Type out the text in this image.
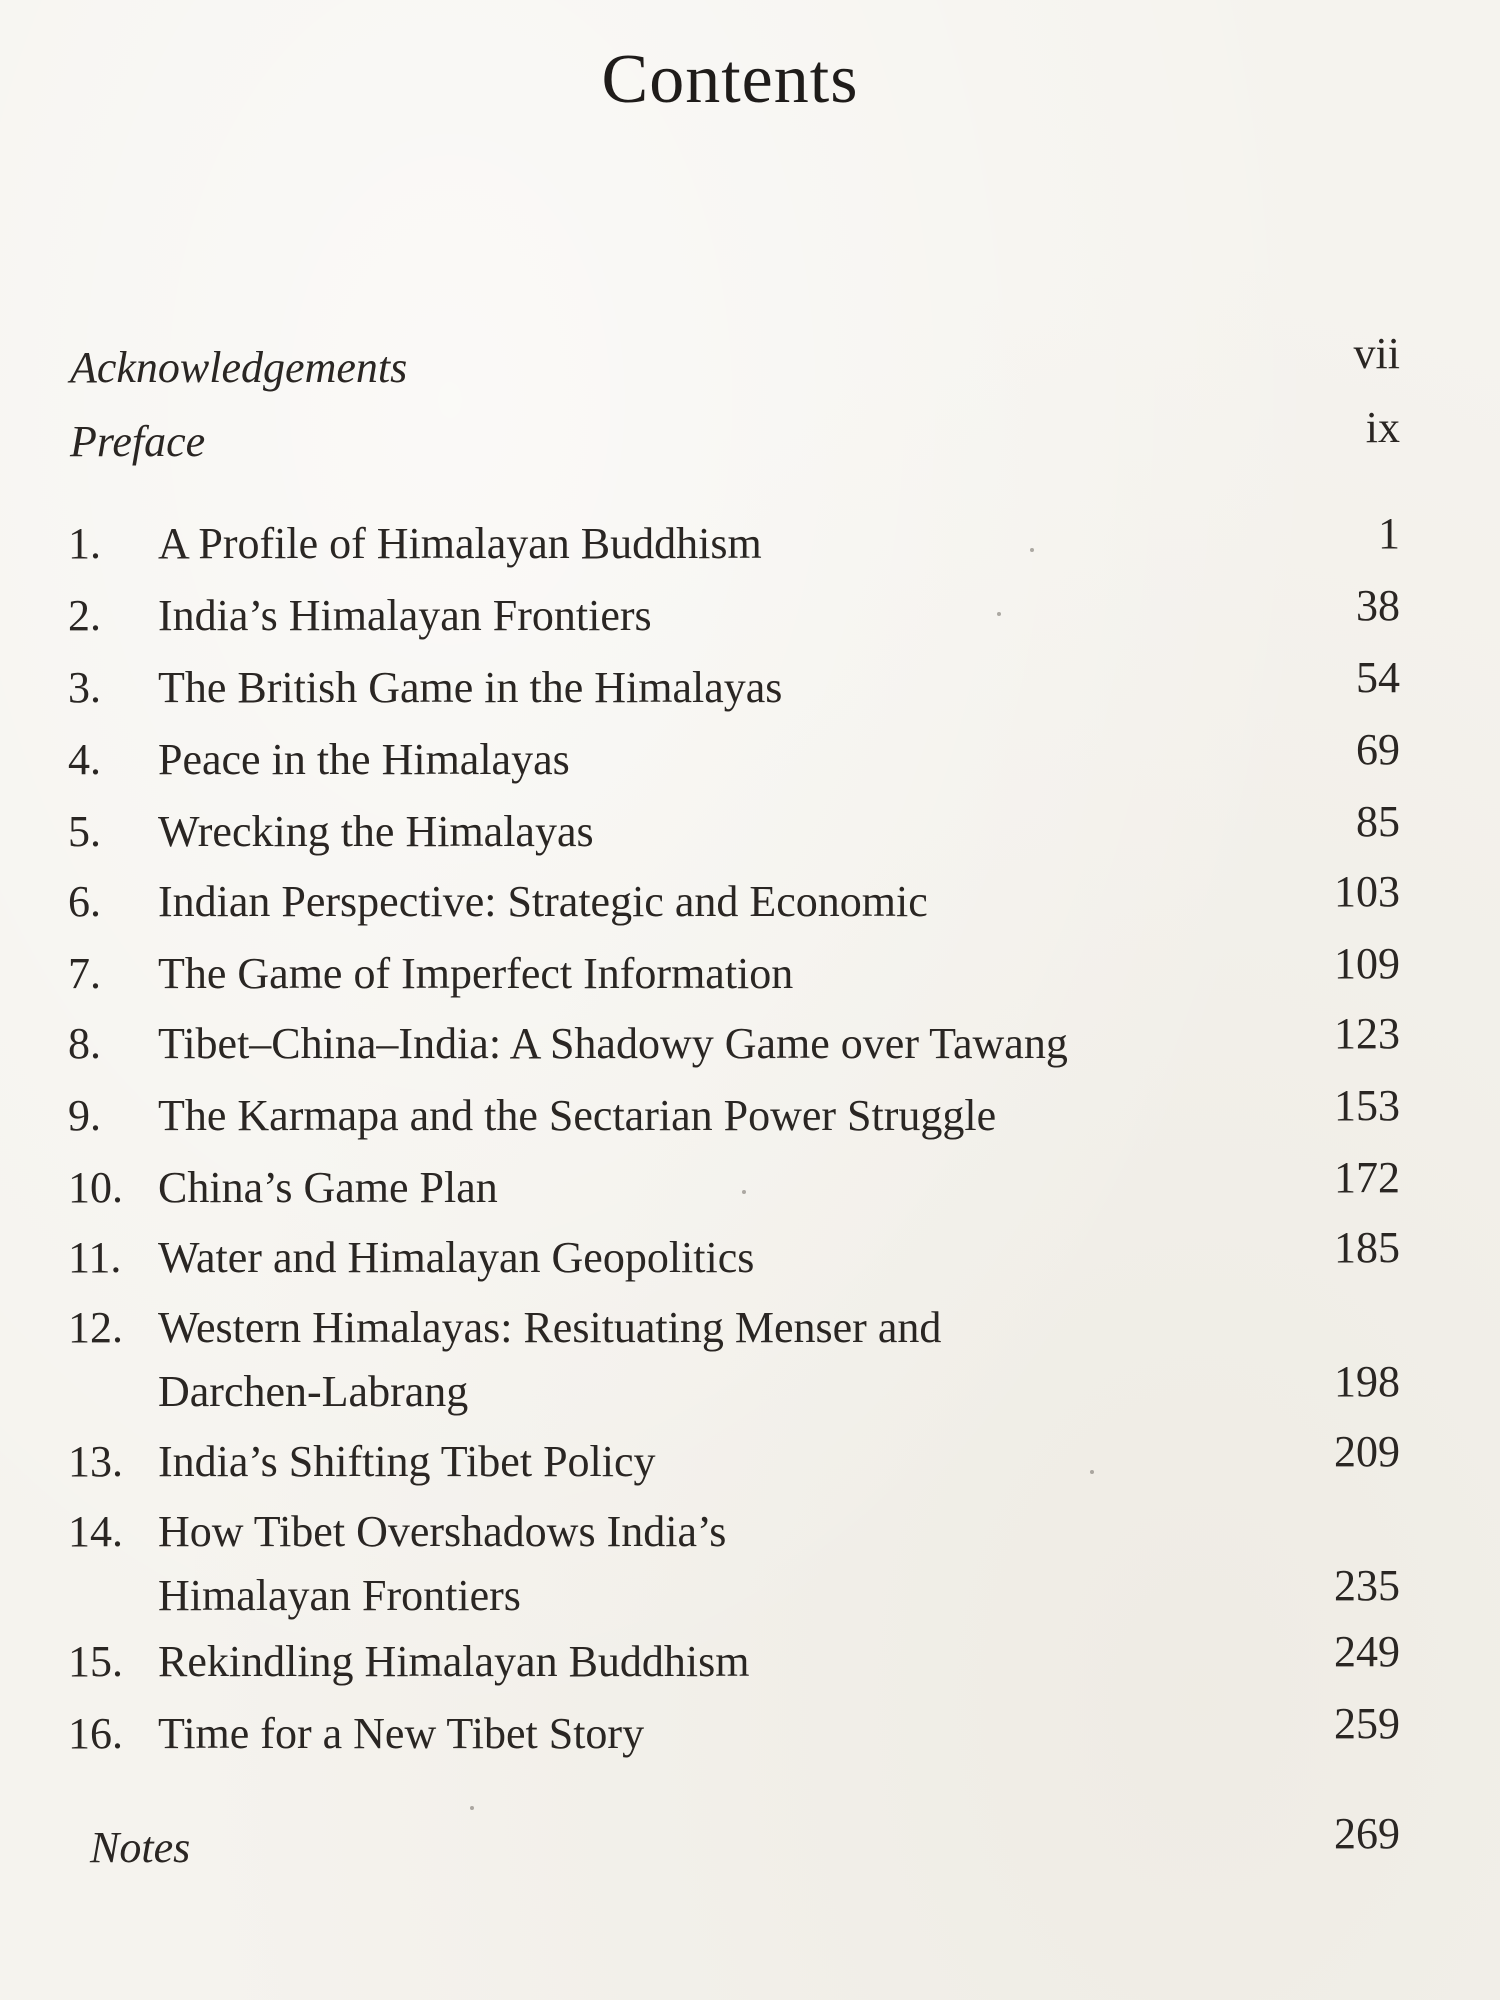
Contents
Acknowledgements	vii
Preface	ix
1.	A Profile of Himalayan Buddhism	1
2.	India’s Himalayan Frontiers	38
3.	The British Game in the Himalayas	54
4.	Peace in the Himalayas	69
5.	Wrecking the Himalayas	85
6.	Indian Perspective: Strategic and Economic	103
7.	The Game of Imperfect Information	109
8.	Tibet–China–India: A Shadowy Game over Tawang	123
9.	The Karmapa and the Sectarian Power Struggle	153
10. China’s Game Plan	172
11. Water and Himalayan Geopolitics	185
12. Western Himalayas: Resituating Menser and
Darchen-Labrang	198
13. India’s Shifting Tibet Policy	209
14. How Tibet Overshadows India’s
Himalayan Frontiers	235
15. Rekindling Himalayan Buddhism	249
16. Time for a New Tibet Story	259
Notes	269
